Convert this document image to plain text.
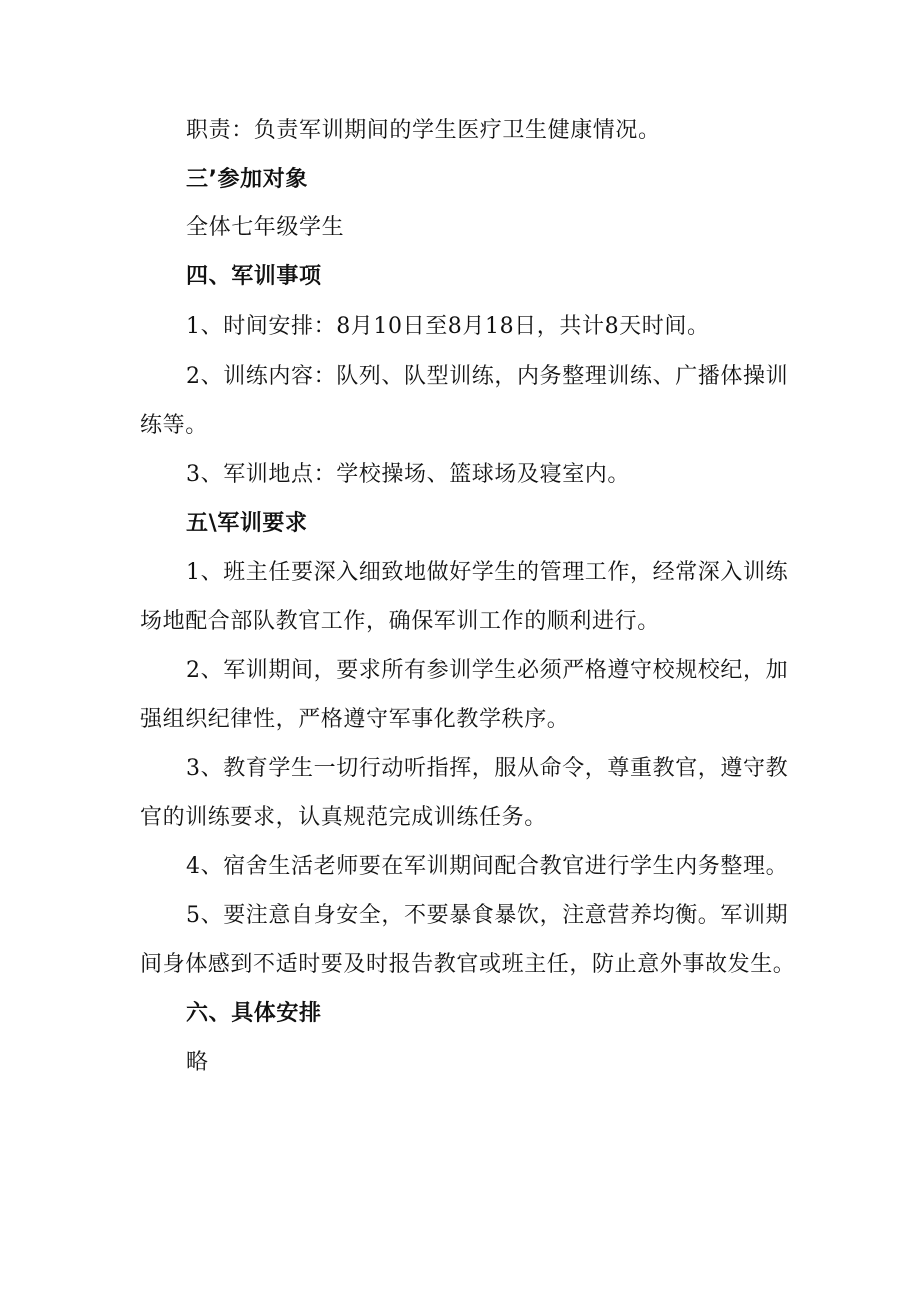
职责：负责军训期间的学生医疗卫生健康情况。
三’参加对象
全体七年级学生
四、军训事项
1、时间安排：8月10日至8月18日，共计8天时间。
2、训练内容：队列、队型训练，内务整理训练、广播体操训
练等。
3、军训地点：学校操场、篮球场及寝室内。
五\军训要求
1、班主任要深入细致地做好学生的管理工作，经常深入训练
场地配合部队教官工作，确保军训工作的顺利进行。
2、军训期间，要求所有参训学生必须严格遵守校规校纪，加
强组织纪律性，严格遵守军事化教学秩序。
3、教育学生一切行动听指挥，服从命令，尊重教官，遵守教
官的训练要求，认真规范完成训练任务。
4、宿舍生活老师要在军训期间配合教官进行学生内务整理。
5、要注意自身安全，不要暴食暴饮，注意营养均衡。军训期
间身体感到不适时要及时报告教官或班主任，防止意外事故发生。
六、具体安排
略
